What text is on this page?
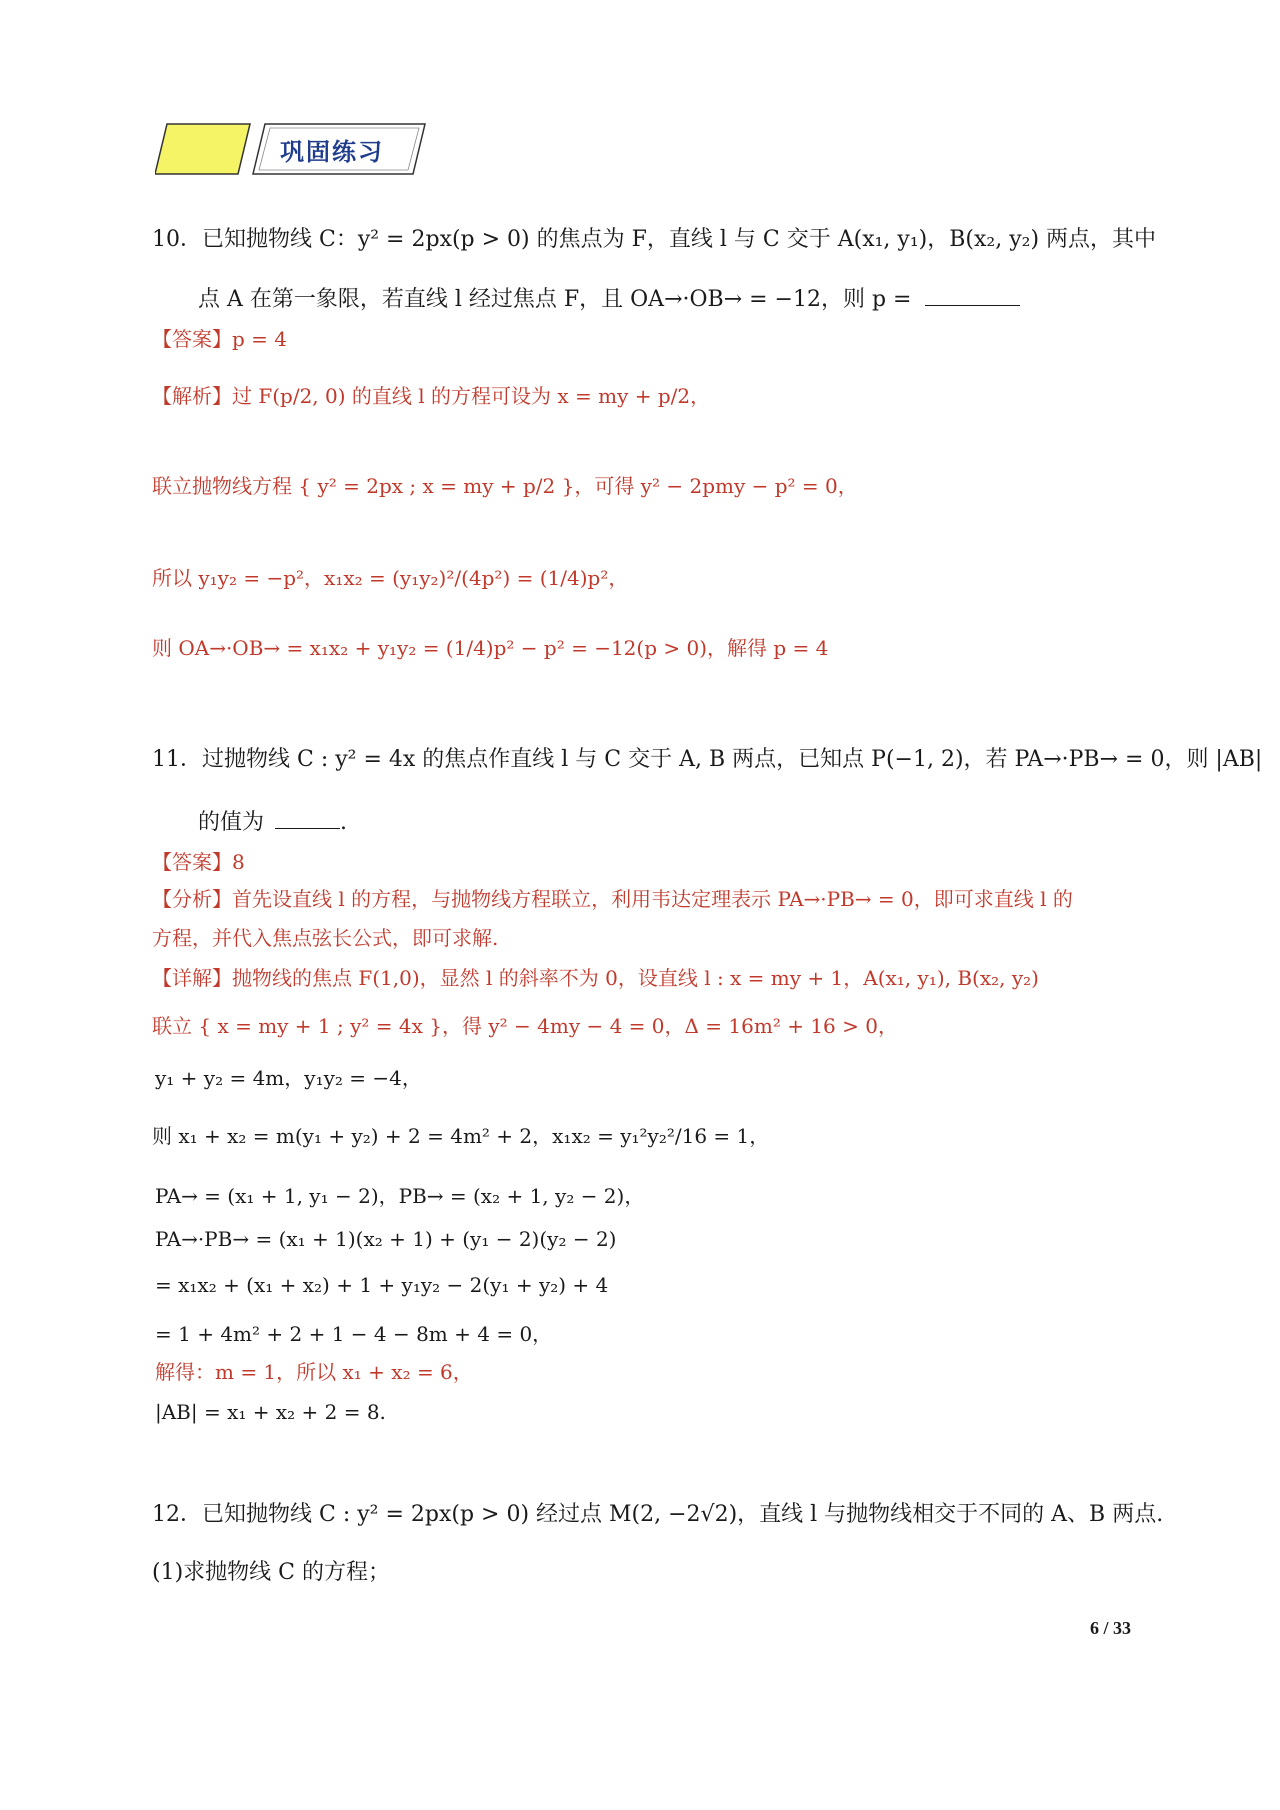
巩固练习
10．已知抛物线 C：y² = 2px(p > 0) 的焦点为 F，直线 l 与 C 交于 A(x₁, y₁)，B(x₂, y₂) 两点，其中
点 A 在第一象限，若直线 l 经过焦点 F，且 OA→·OB→ = −12，则 p =
【答案】p = 4
【解析】过 F(p/2, 0) 的直线 l 的方程可设为 x = my + p/2，
联立抛物线方程 { y² = 2px ; x = my + p/2 }，可得 y² − 2pmy − p² = 0，
所以 y₁y₂ = −p²，x₁x₂ = (y₁y₂)²/(4p²) = (1/4)p²，
则 OA→·OB→ = x₁x₂ + y₁y₂ = (1/4)p² − p² = −12(p > 0)，解得 p = 4
11．过抛物线 C : y² = 4x 的焦点作直线 l 与 C 交于 A, B 两点，已知点 P(−1, 2)，若 PA→·PB→ = 0，则 |AB|
的值为	.
【答案】8
【分析】首先设直线 l 的方程，与抛物线方程联立，利用韦达定理表示 PA→·PB→ = 0，即可求直线 l 的
方程，并代入焦点弦长公式，即可求解.
【详解】抛物线的焦点 F(1,0)，显然 l 的斜率不为 0，设直线 l : x = my + 1，A(x₁, y₁), B(x₂, y₂)
联立 { x = my + 1 ; y² = 4x }，得 y² − 4my − 4 = 0，Δ = 16m² + 16 > 0，
y₁ + y₂ = 4m，y₁y₂ = −4，
则 x₁ + x₂ = m(y₁ + y₂) + 2 = 4m² + 2，x₁x₂ = y₁²y₂²/16 = 1，
PA→ = (x₁ + 1, y₁ − 2)，PB→ = (x₂ + 1, y₂ − 2)，
PA→·PB→ = (x₁ + 1)(x₂ + 1) + (y₁ − 2)(y₂ − 2)
= x₁x₂ + (x₁ + x₂) + 1 + y₁y₂ − 2(y₁ + y₂) + 4
= 1 + 4m² + 2 + 1 − 4 − 8m + 4 = 0，
解得：m = 1，所以 x₁ + x₂ = 6，
|AB| = x₁ + x₂ + 2 = 8.
12．已知抛物线 C : y² = 2px(p > 0) 经过点 M(2, −2√2)，直线 l 与抛物线相交于不同的 A、B 两点.
(1)求抛物线 C 的方程；
6 / 33
